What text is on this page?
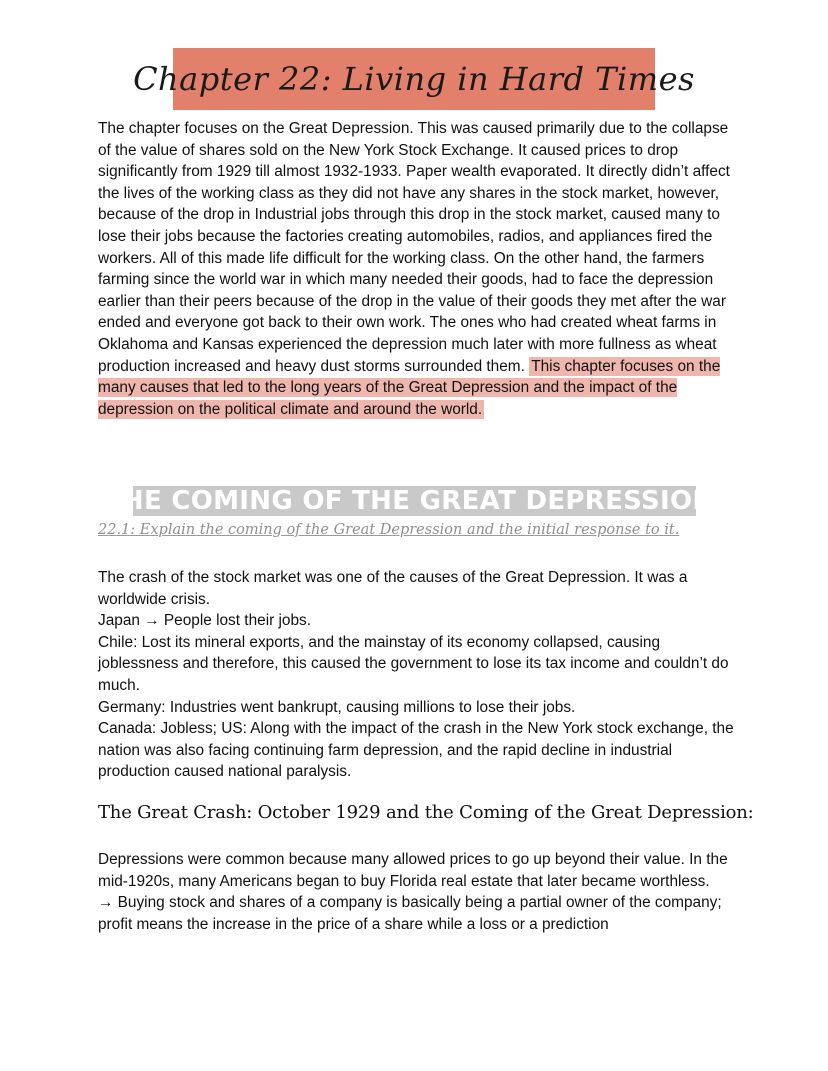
Chapter 22: Living in Hard Times

The chapter focuses on the Great Depression. This was caused primarily due to the collapse of the value of shares sold on the New York Stock Exchange. It caused prices to drop significantly from 1929 till almost 1932-1933. Paper wealth evaporated. It directly didn’t affect the lives of the working class as they did not have any shares in the stock market, however, because of the drop in Industrial jobs through this drop in the stock market, caused many to lose their jobs because the factories creating automobiles, radios, and appliances fired the workers. All of this made life difficult for the working class. On the other hand, the farmers farming since the world war in which many needed their goods, had to face the depression earlier than their peers because of the drop in the value of their goods they met after the war ended and everyone got back to their own work. The ones who had created wheat farms in Oklahoma and Kansas experienced the depression much later with more fullness as wheat production increased and heavy dust storms surrounded them. This chapter focuses on the many causes that led to the long years of the Great Depression and the impact of the depression on the political climate and around the world.

THE COMING OF THE GREAT DEPRESSION:
22.1: Explain the coming of the Great Depression and the initial response to it.

The crash of the stock market was one of the causes of the Great Depression. It was a worldwide crisis.

Japan → People lost their jobs.

Chile: Lost its mineral exports, and the mainstay of its economy collapsed, causing joblessness and therefore, this caused the government to lose its tax income and couldn’t do much.

Germany: Industries went bankrupt, causing millions to lose their jobs.

Canada: Jobless; US: Along with the impact of the crash in the New York stock exchange, the nation was also facing continuing farm depression, and the rapid decline in industrial production caused national paralysis.

The Great Crash: October 1929 and the Coming of the Great Depression:

Depressions were common because many allowed prices to go up beyond their value. In the mid-1920s, many Americans began to buy Florida real estate that later became worthless.

→ Buying stock and shares of a company is basically being a partial owner of the company; profit means the increase in the price of a share while a loss or a prediction
